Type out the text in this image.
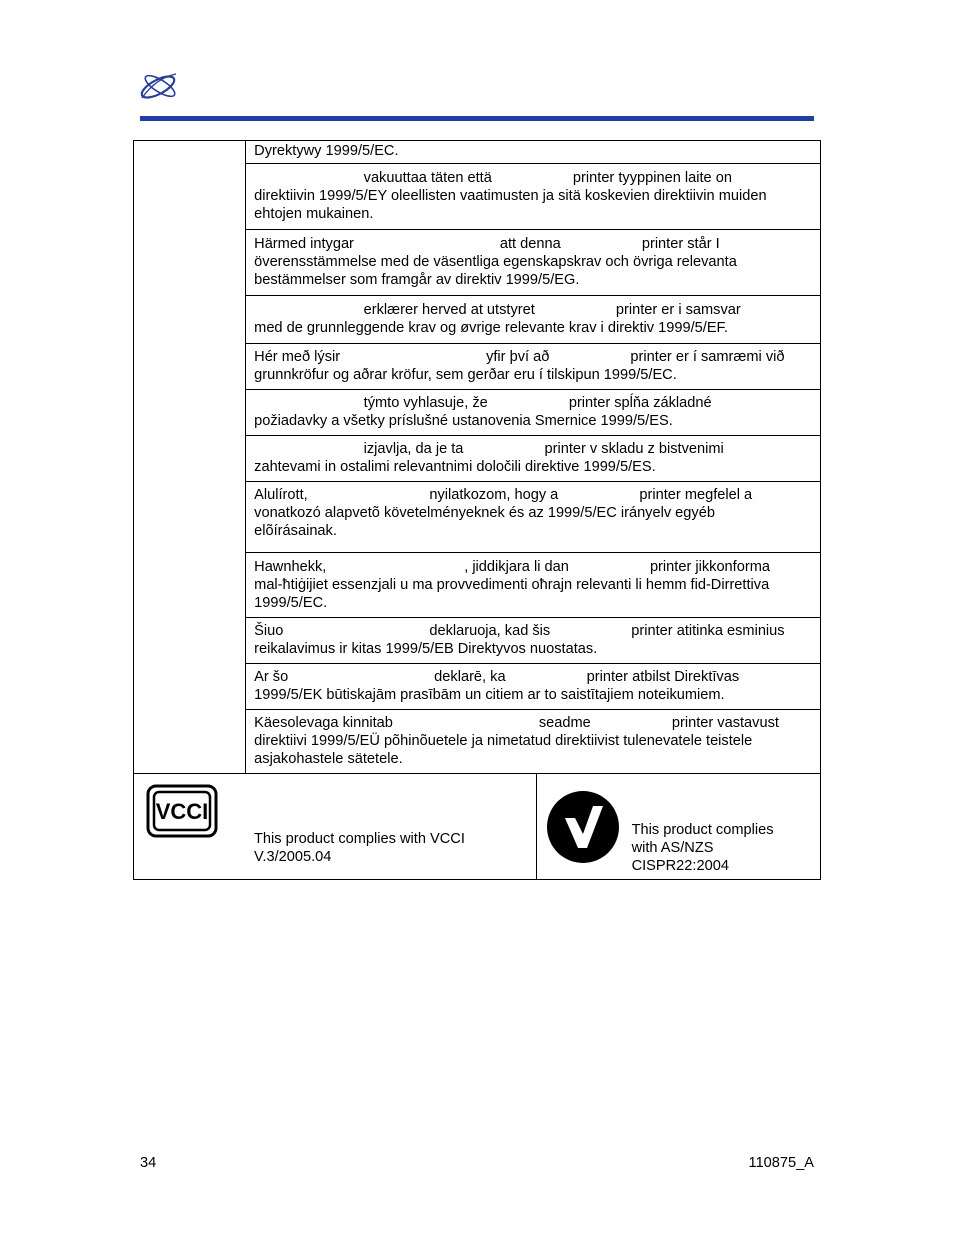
	Dyrektywy 1999/5/EC.	

	vakuuttaa täten että                    printer tyyppinen laite on
direktiivin 1999/5/EY oleellisten vaatimusten ja sitä koskevien direktiivin muiden
ehtojen mukainen.	

	Härmed intygar                                    att denna                    printer står I
överensstämmelse med de väsentliga egenskapskrav och övriga relevanta
bestämmelser som framgår av direktiv 1999/5/EG.	

	erklærer herved at utstyret                    printer er i samsvar
med de grunnleggende krav og øvrige relevante krav i direktiv 1999/5/EF.	

	Hér með lýsir                                    yfir því að                    printer er í samræmi við
grunnkröfur og aðrar kröfur, sem gerðar eru í tilskipun 1999/5/EC.	

	týmto vyhlasuje, že                    printer spĺňa základné
požiadavky a všetky príslušné ustanovenia Smernice 1999/5/ES.	

	izjavlja, da je ta                    printer v skladu z bistvenimi
zahtevami in ostalimi relevantnimi določili direktive 1999/5/ES.	

	Alulírott,                              nyilatkozom, hogy a                    printer megfelel a
vonatkozó alapvetõ követelményeknek és az 1999/5/EC irányelv egyéb
elõírásainak.	

	Hawnhekk,                                  , jiddikjara li dan                    printer jikkonforma
mal-ħtiġijiet essenzjali u ma provvedimenti oħrajn relevanti li hemm fid-Dirrettiva
1999/5/EC.	

	Šiuo                                    deklaruoja, kad šis                    printer atitinka esminius
reikalavimus ir kitas 1999/5/EB Direktyvos nuostatas.	

	Ar šo                                    deklarē, ka                    printer atbilst Direktīvas
1999/5/EK būtiskajām prasībām un citiem ar to saistītajiem noteikumiem.	

	Käesolevaga kinnitab                                    seadme                    printer vastavust
direktiivi 1999/5/EÜ põhinõuetele ja nimetatud direktiivist tulenevatele teistele
asjakohastele sätetele.	

VCCI
This product complies with VCCI
V.3/2005.04		This product complies
with AS/NZS
CISPR22:2004
34	110875_A
